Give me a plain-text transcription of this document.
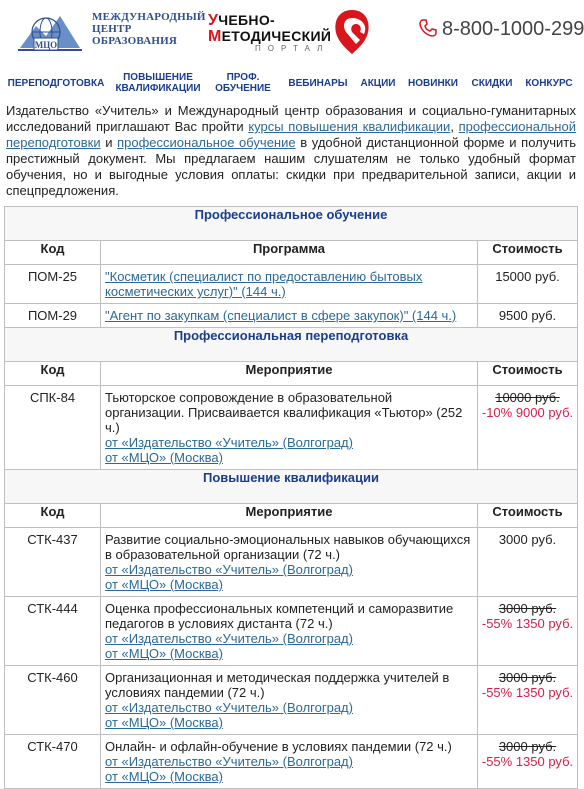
МЦО
МЕЖДУНАРОДНЫЙ
ЦЕНТР
ОБРАЗОВАНИЯ
УЧЕБНО-
МЕТОДИЧЕСКИЙ
ПОРТАЛ
8-800-1000-299
ПЕРЕПОДГОТОВКА	ПОВЫШЕНИЕ КВАЛИФИКАЦИИ
ПРОФ. ОБУЧЕНИЕ	ВЕБИНАРЫ	АКЦИИ	НОВИНКИ	СКИДКИ	КОНКУРС
Издательство «Учитель» и Международный центр образования и социально-гуманитарных исследований приглашают Вас пройти курсы повышения квалификации, профессиональной переподготовки и профессиональное обучение в удобной дистанционной форме и получить престижный документ. Мы предлагаем нашим слушателям не только удобный формат обучения, но и выгодные условия оплаты: скидки при предварительной записи, акции и спецпредложения.
Профессиональное обучение		
Код	Программа	Стоимость
ПОМ-25	"Косметик (специалист по предоставлению бытовых косметических услуг)" (144 ч.)	15000 руб.
ПОМ-29	"Агент по закупкам (специалист в сфере закупок)" (144 ч.)	9500 руб.
Профессиональная переподготовка		
Код	Мероприятие	Стоимость
СПК-84	Тьюторское сопровождение в образовательной организации. Присваивается квалификация «Тьютор» (252 ч.)
от «Издательство «Учитель» (Волгоград)
от «МЦО» (Москва)	10000 руб.
-10% 9000 руб.

Повышение квалификации		
Код	Мероприятие	Стоимость
СТК-437	Развитие социально-эмоциональных навыков обучающихся в образовательной организации (72 ч.)
от «Издательство «Учитель» (Волгоград)
от «МЦО» (Москва)	3000 руб.
СТК-444	Оценка профессиональных компетенций и саморазвитие педагогов в условиях дистанта (72 ч.)
от «Издательство «Учитель» (Волгоград)
от «МЦО» (Москва)	3000 руб.
-55% 1350 руб.

СТК-460	Организационная и методическая поддержка учителей в условиях пандемии (72 ч.)
от «Издательство «Учитель» (Волгоград)
от «МЦО» (Москва)	3000 руб.
-55% 1350 руб.

СТК-470	Онлайн- и офлайн-обучение в условиях пандемии (72 ч.)
от «Издательство «Учитель» (Волгоград)
от «МЦО» (Москва)	3000 руб.
-55% 1350 руб.
